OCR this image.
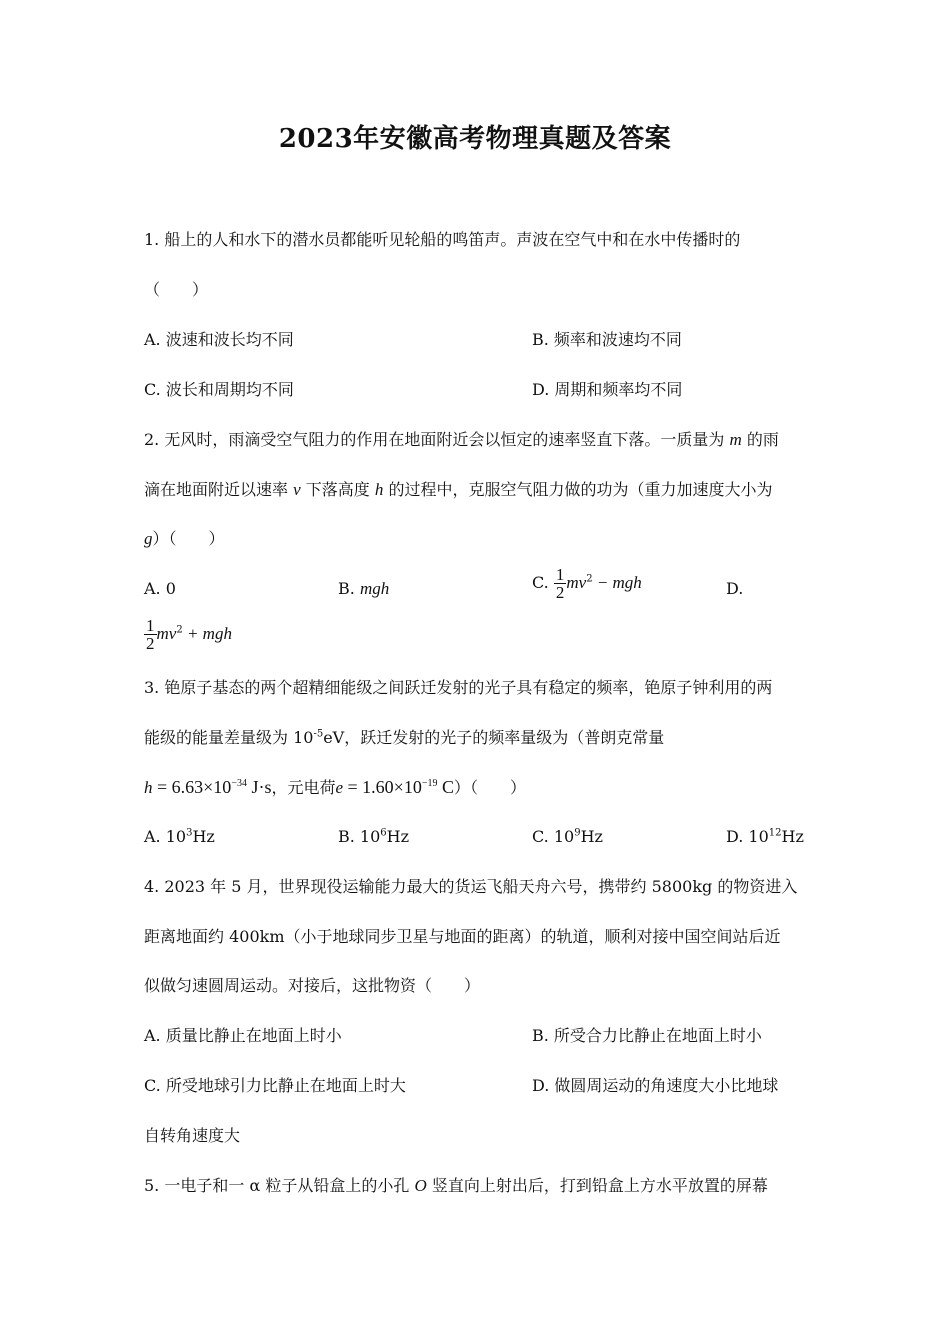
2023年安徽高考物理真题及答案
1. 船上的人和水下的潜水员都能听见轮船的鸣笛声。声波在空气中和在水中传播时的
（　　）
A. 波速和波长均不同	B. 频率和波速均不同
C. 波长和周期均不同	D. 周期和频率均不同
2. 无风时，雨滴受空气阻力的作用在地面附近会以恒定的速率竖直下落。一质量为 m 的雨
滴在地面附近以速率 v 下落高度 h 的过程中，克服空气阻力做的功为（重力加速度大小为
g）（　　）
A. 0	B. mgh	C. $\frac{1}{2} mv^2$ − mgh	D.
$\frac{1}{2} mv^2$ + mgh
3. 铯原子基态的两个超精细能级之间跃迁发射的光子具有稳定的频率，铯原子钟利用的两
能级的能量差量级为 $10^{-5}eV$，跃迁发射的光子的频率量级为（普朗克常量
$h = 6.63\times 10^{-34}$ J·s，元电荷$e = 1.60\times 10^{-19}$ C）（　　）
A. $10^3Hz$	B. $10^6Hz$	C. $10^9Hz$	D. $10^{12}Hz$
4. 2023 年 5 月，世界现役运输能力最大的货运飞船天舟六号，携带约 5800kg 的物资进入
距离地面约 400km（小于地球同步卫星与地面的距离）的轨道，顺利对接中国空间站后近
似做匀速圆周运动。对接后，这批物资（　　）
A. 质量比静止在地面上时小	B. 所受合力比静止在地面上时小
C. 所受地球引力比静止在地面上时大	D. 做圆周运动的角速度大小比地球
自转角速度大
5. 一电子和一 α 粒子从铅盒上的小孔 O 竖直向上射出后，打到铅盒上方水平放置的屏幕
